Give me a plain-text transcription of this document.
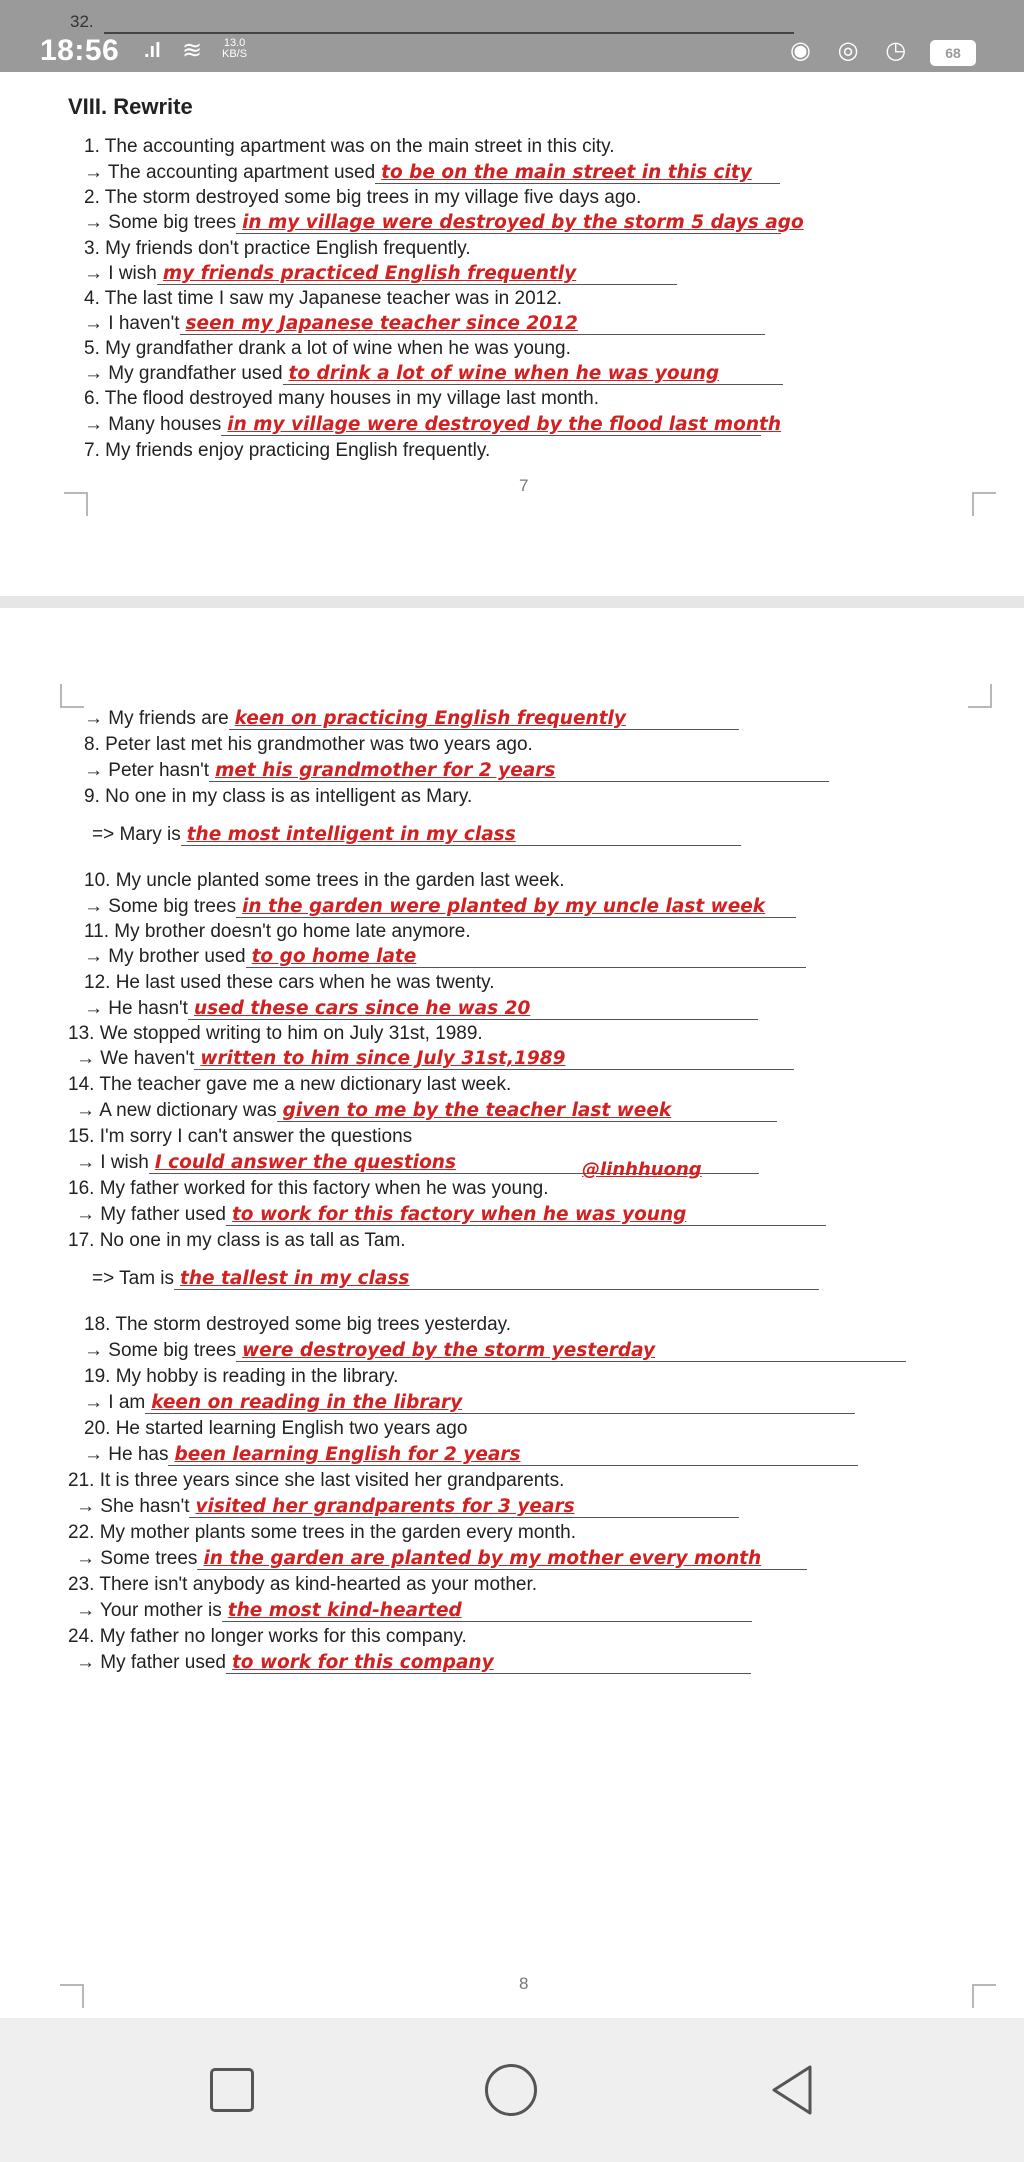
32.
18:56 .ıl ≋ 13.0
KB/S	◉ ◎ ◷	68
VIII. Rewrite
1. The accounting apartment was on the main street in this city.
→ The accounting apartment used to be on the main street in this city
2. The storm destroyed some big trees in my village five days ago.
→ Some big trees in my village were destroyed by the storm 5 days ago
3. My friends don't practice English frequently.
→ I wish my friends practiced English frequently
4. The last time I saw my Japanese teacher was in 2012.
→ I haven't seen my Japanese teacher since 2012
5. My grandfather drank a lot of wine when he was young.
→ My grandfather used to drink a lot of wine when he was young
6. The flood destroyed many houses in my village last month.
→ Many houses in my village were destroyed by the flood last month
7. My friends enjoy practicing English frequently.
→ My friends are keen on practicing English frequently
8. Peter last met his grandmother was two years ago.
→ Peter hasn't met his grandmother for 2 years
9. No one in my class is as intelligent as Mary.
=> Mary is the most intelligent in my class
10. My uncle planted some trees in the garden last week.
→ Some big trees in the garden were planted by my uncle last week
11. My brother doesn't go home late anymore.
→ My brother used to go home late
12. He last used these cars when he was twenty.
→ He hasn't used these cars since he was 20
13. We stopped writing to him on July 31st, 1989.
→ We haven't written to him since July 31st,1989
14. The teacher gave me a new dictionary last week.
→ A new dictionary was given to me by the teacher last week
15. I'm sorry I can't answer the questions
→ I wish I could answer the questions
16. My father worked for this factory when he was young.
→ My father used to work for this factory when he was young
17. No one in my class is as tall as Tam.
=> Tam is the tallest in my class
18. The storm destroyed some big trees yesterday.
→ Some big trees were destroyed by the storm yesterday
19. My hobby is reading in the library.
→ I am keen on reading in the library
20. He started learning English two years ago
→ He has been learning English for 2 years
21. It is three years since she last visited her grandparents.
→ She hasn't visited her grandparents for 3 years
22. My mother plants some trees in the garden every month.
→ Some trees in the garden are planted by my mother every month
23. There isn't anybody as kind-hearted as your mother.
→ Your mother is the most kind-hearted
24. My father no longer works for this company.
→ My father used to work for this company
@linhhuong
7
8
